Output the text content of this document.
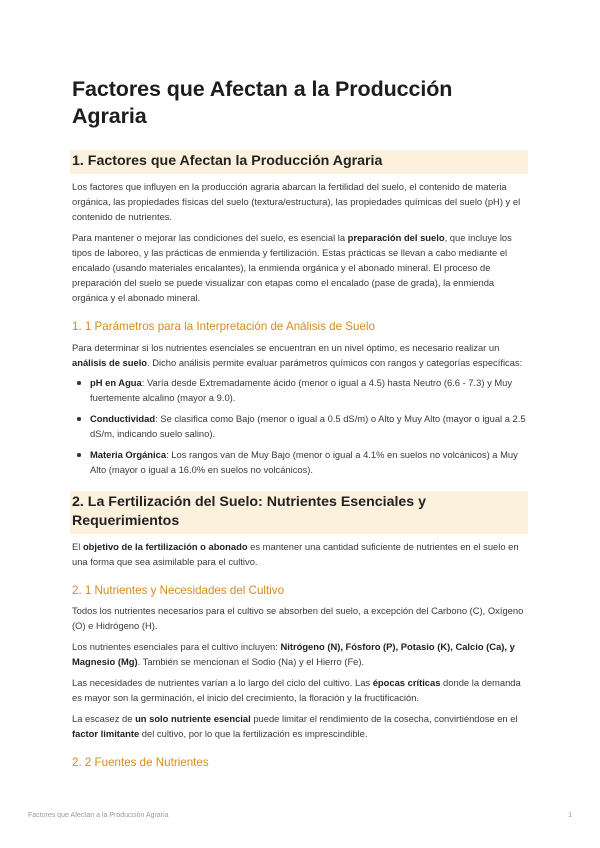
Factores que Afectan a la Producción Agraria
1. Factores que Afectan la Producción Agraria

Los factores que influyen en la producción agraria abarcan la fertilidad del suelo, el contenido de materia orgánica, las propiedades físicas del suelo (textura/estructura), las propiedades químicas del suelo (pH) y el contenido de nutrientes.

Para mantener o mejorar las condiciones del suelo, es esencial la preparación del suelo, que incluye los tipos de laboreo, y las prácticas de enmienda y fertilización. Estas prácticas se llevan a cabo mediante el encalado (usando materiales encalantes), la enmienda orgánica y el abonado mineral. El proceso de preparación del suelo se puede visualizar con etapas como el encalado (pase de grada), la enmienda orgánica y el abonado mineral.

1. 1 Parámetros para la Interpretación de Análisis de Suelo

Para determinar si los nutrientes esenciales se encuentran en un nivel óptimo, es necesario realizar un análisis de suelo. Dicho análisis permite evaluar parámetros químicos con rangos y categorías específicas:

pH en Agua: Varía desde Extremadamente ácido (menor o igual a 4.5) hasta Neutro (6.6 - 7.3) y Muy fuertemente alcalino (mayor a 9.0).
Conductividad: Se clasifica como Bajo (menor o igual a 0.5 dS/m) o Alto y Muy Alto (mayor o igual a 2.5 dS/m, indicando suelo salino).
Materia Orgánica: Los rangos van de Muy Bajo (menor o igual a 4.1% en suelos no volcánicos) a Muy Alto (mayor o igual a 16.0% en suelos no volcánicos).
2. La Fertilización del Suelo: Nutrientes Esenciales y Requerimientos

El objetivo de la fertilización o abonado es mantener una cantidad suficiente de nutrientes en el suelo en una forma que sea asimilable para el cultivo.

2. 1 Nutrientes y Necesidades del Cultivo

Todos los nutrientes necesarios para el cultivo se absorben del suelo, a excepción del Carbono (C), Oxígeno (O) e Hidrógeno (H).

Los nutrientes esenciales para el cultivo incluyen: Nitrógeno (N), Fósforo (P), Potasio (K), Calcio (Ca), y Magnesio (Mg). También se mencionan el Sodio (Na) y el Hierro (Fe).

Las necesidades de nutrientes varían a lo largo del ciclo del cultivo. Las épocas críticas donde la demanda es mayor son la germinación, el inicio del crecimiento, la floración y la fructificación.

La escasez de un solo nutriente esencial puede limitar el rendimiento de la cosecha, convirtiéndose en el factor limitante del cultivo, por lo que la fertilización es imprescindible.

2. 2 Fuentes de Nutrientes
Factores que Afectan a la Producción Agraria	1
